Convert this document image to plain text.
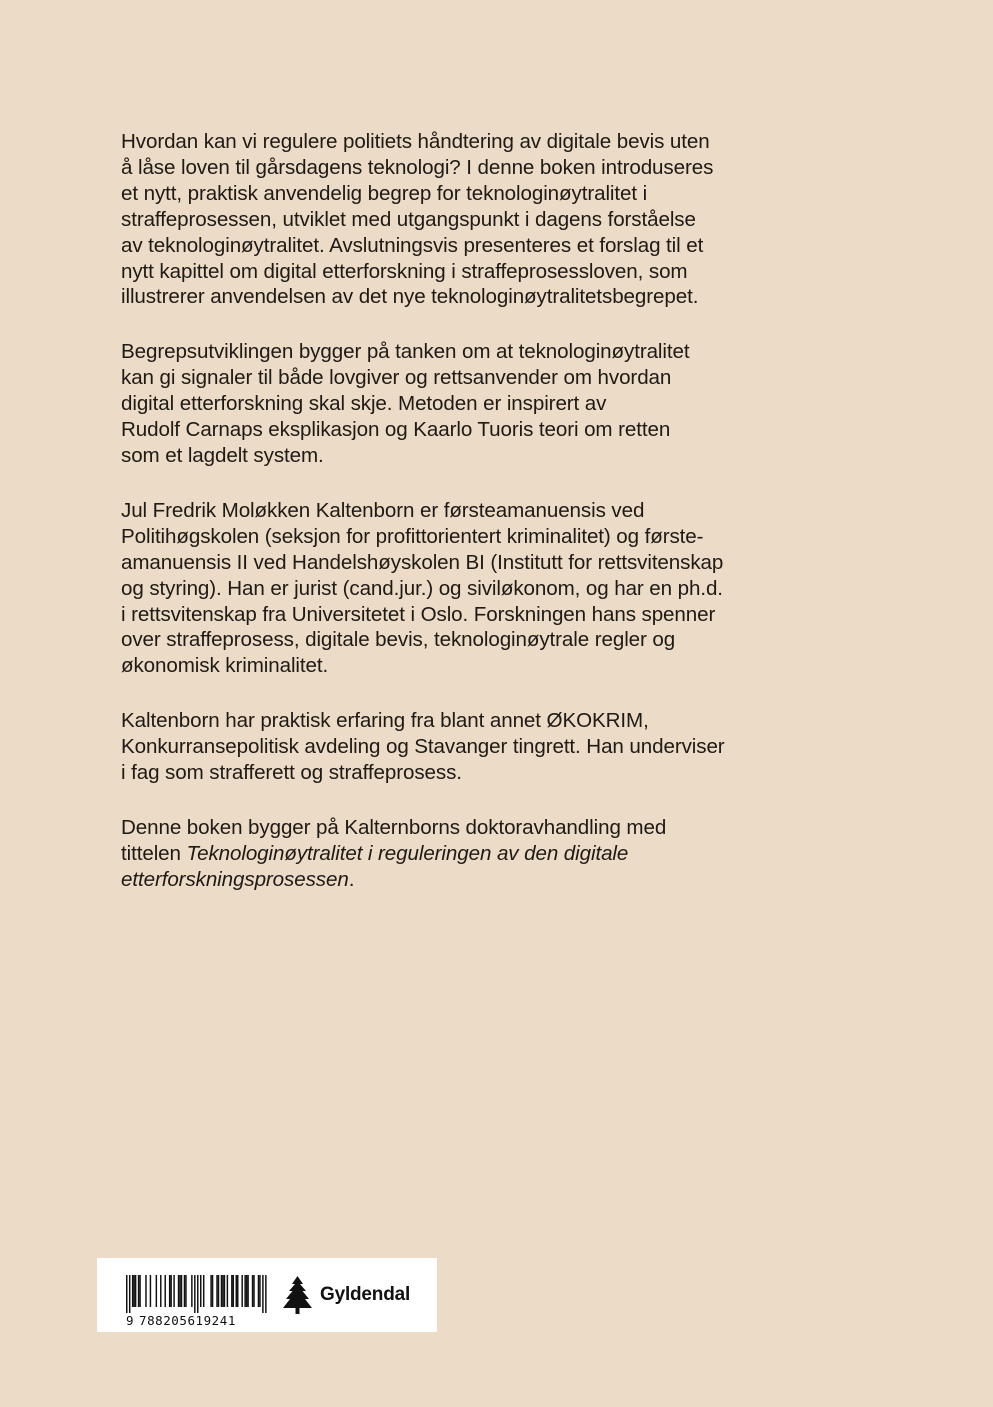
Hvordan kan vi regulere politiets håndtering av digitale bevis uten
å låse loven til gårsdagens teknologi? I denne boken introduseres
et nytt, praktisk anvendelig begrep for teknologinøytralitet i
straffeprosessen, utviklet med utgangspunkt i dagens forståelse
av teknologinøytralitet. Avslutningsvis presenteres et forslag til et
nytt kapittel om digital etterforskning i straffeprosessloven, som
illustrerer anvendelsen av det nye teknologinøytralitetsbegrepet.

Begrepsutviklingen bygger på tanken om at teknologinøytralitet
kan gi signaler til både lovgiver og rettsanvender om hvordan
digital etterforskning skal skje. Metoden er inspirert av
Rudolf Carnaps eksplikasjon og Kaarlo Tuoris teori om retten
som et lagdelt system.

Jul Fredrik Moløkken Kaltenborn er førsteamanuensis ved
Politihøgskolen (seksjon for profittorientert kriminalitet) og første-
amanuensis II ved Handelshøyskolen BI (Institutt for rettsvitenskap
og styring). Han er jurist (cand.jur.) og siviløkonom, og har en ph.d.
i rettsvitenskap fra Universitetet i Oslo. Forskningen hans spenner
over straffeprosess, digitale bevis, teknologinøytrale regler og
økonomisk kriminalitet.

Kaltenborn har praktisk erfaring fra blant annet ØKOKRIM,
Konkurransepolitisk avdeling og Stavanger tingrett. Han underviser
i fag som strafferett og straffeprosess.

Denne boken bygger på Kalternborns doktoravhandling med
tittelen Teknologinøytralitet i reguleringen av den digitale
etterforskningsprosessen.

9 788205619241
Gyldendal
